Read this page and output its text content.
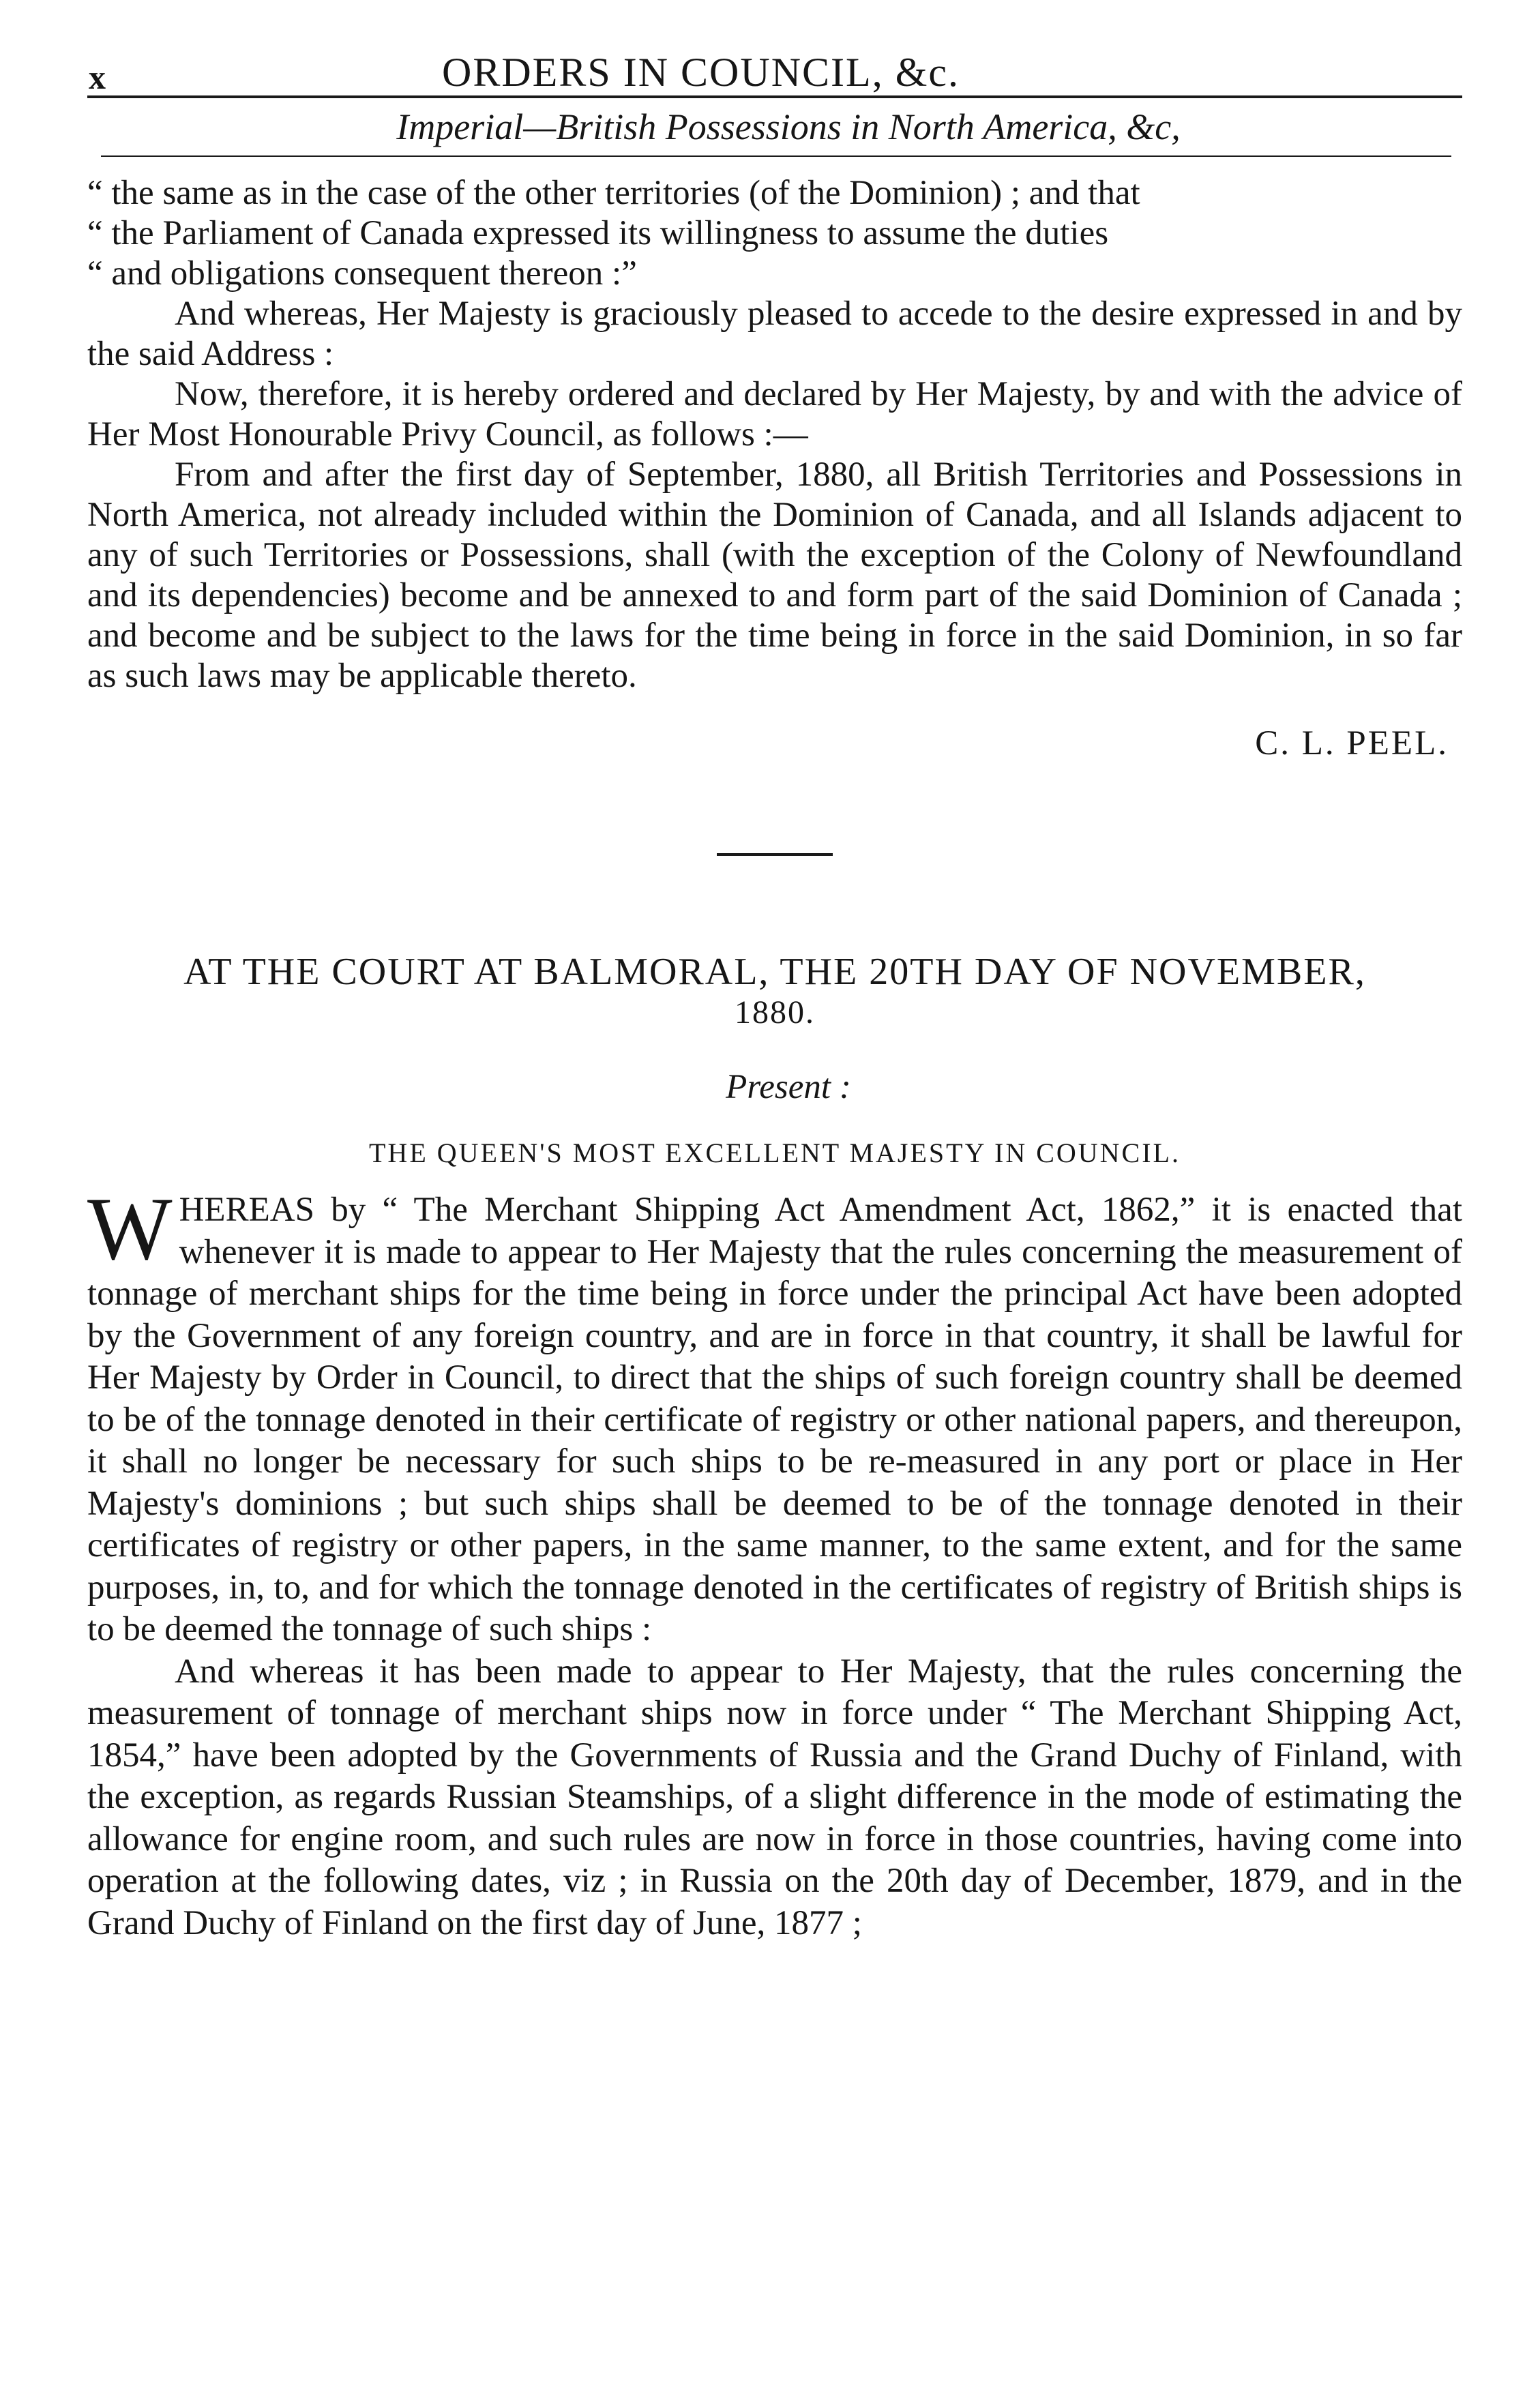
x	ORDERS IN COUNCIL, &c.
Imperial—British Possessions in North America, &c,

“ the same as in the case of the other territories (of the Dominion) ; and that

“ the Parliament of Canada expressed its willingness to assume the duties

“ and obligations consequent thereon :”

And whereas, Her Majesty is graciously pleased to accede to the desire expressed in and by the said Address :

Now, therefore, it is hereby ordered and declared by Her Majesty, by and with the advice of Her Most Honourable Privy Council, as follows :—

From and after the first day of September, 1880, all British Territories and Possessions in North America, not already included within the Dominion of Canada, and all Islands adjacent to any of such Territories or Possessions, shall (with the exception of the Colony of Newfoundland and its dependencies) become and be annexed to and form part of the said Dominion of Canada ; and become and be subject to the laws for the time being in force in the said Dominion, in so far as such laws may be applicable thereto.

C. L. PEEL.
AT THE COURT AT BALMORAL, THE 20TH DAY OF NOVEMBER,
1880.
Present :
THE QUEEN'S MOST EXCELLENT MAJESTY IN COUNCIL.

WHEREAS by “ The Merchant Shipping Act Amendment Act, 1862,” it is enacted that whenever it is made to appear to Her Majesty that the rules concerning the measurement of tonnage of merchant ships for the time being in force under the principal Act have been adopted by the Government of any foreign country, and are in force in that country, it shall be lawful for Her Majesty by Order in Council, to direct that the ships of such foreign country shall be deemed to be of the tonnage denoted in their certificate of registry or other national papers, and thereupon, it shall no longer be necessary for such ships to be re-measured in any port or place in Her Majesty's dominions ; but such ships shall be deemed to be of the tonnage denoted in their certificates of registry or other papers, in the same manner, to the same extent, and for the same purposes, in, to, and for which the tonnage denoted in the certificates of registry of British ships is to be deemed the tonnage of such ships :

And whereas it has been made to appear to Her Majesty, that the rules concerning the measurement of tonnage of merchant ships now in force under “ The Merchant Shipping Act, 1854,” have been adopted by the Governments of Russia and the Grand Duchy of Finland, with the exception, as regards Russian Steamships, of a slight difference in the mode of estimating the allowance for engine room, and such rules are now in force in those countries, having come into operation at the following dates, viz ; in Russia on the 20th day of December, 1879, and in the Grand Duchy of Finland on the first day of June, 1877 ;
